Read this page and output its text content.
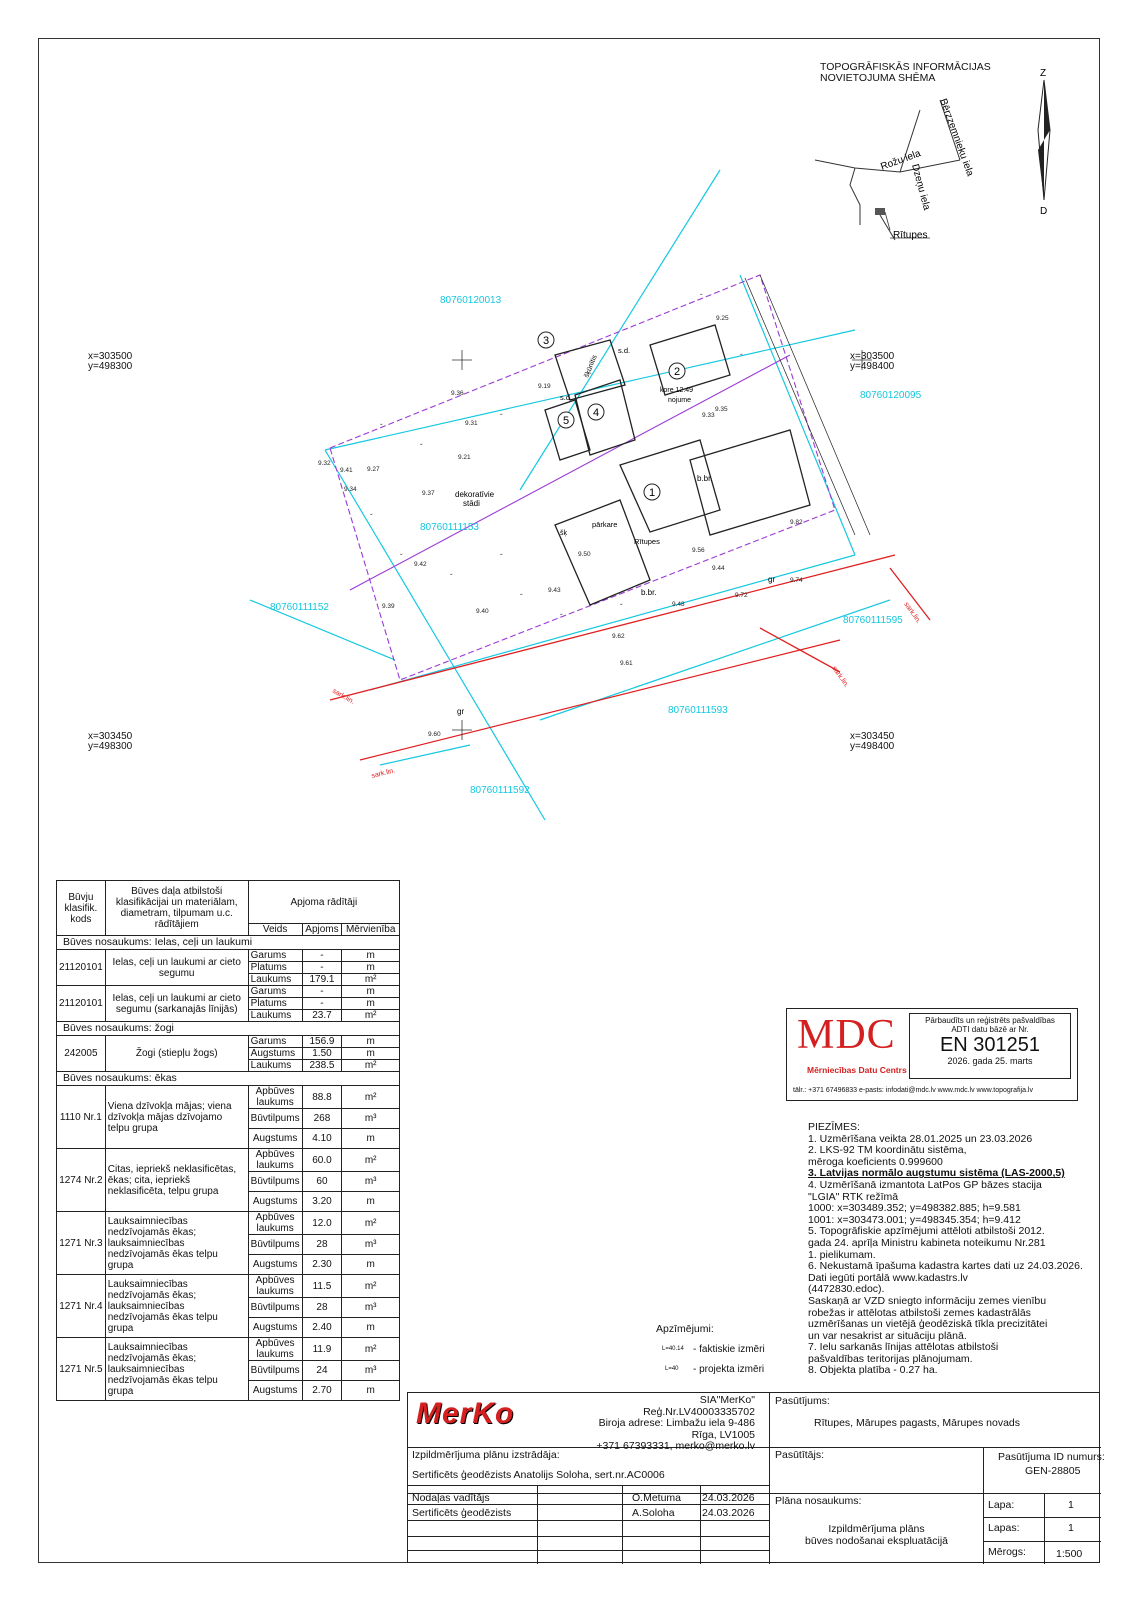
1
2
3
4
5
80760111153
dekoratīvie
stādi
pārkare
Rītupes
b.br.
b.br.
gr
gr
s.d.
s.d.
kore 12.49
nojume
šķūnītis
šķ
sark.lin.
sark.lin.
sark.lin.
sark.lin.
9.25
9.35
9.31
9.37
9.42
9.40
9.43
9.61
9.62
9.48
9.50
9.41
9.34
9.32
9.39
9.60
9.72
9.74
9.27
9.36
9.33
9.21
9.19
9.56
9.44
9.82
ˇ
ˇ
ˇ
ˇ
ˇ
ˇ
ˇ
ˇ
ˇ
ˇ
ˇ
ˇ
Z
D
Bērzzemnieku iela
Rožu iela
Dzeņu iela
Rītupes
TOPOGRĀFISKĀS INFORMĀCIJAS
NOVIETOJUMA SHĒMA
x=303500
y=498300
x=303500
y=498400
x=303450
y=498300
x=303450
y=498400
80760120013
80760120095
80760111152
80760111595
80760111593
80760111592
Būvju klasifik. kods	Būves daļa atbilstoši klasifikācijai un materiālam, diametram, tilpumam u.c. rādītājiem	Apjoma rādītāji		
		Veids	Apjoms	Mērvienība
Būves nosaukums: Ielas, ceļi un laukumi				
21120101	Ielas, ceļi un laukumi ar cieto segumu	Garums	-	m
		Platums	-	m
		Laukums	179.1	m²
21120101	Ielas, ceļi un laukumi ar cieto segumu (sarkanajās līnijās)	Garums	-	m
		Platums	-	m
		Laukums	23.7	m²
Būves nosaukums: žogi				
242005	Žogi (stiepļu žogs)	Garums	156.9	m
		Augstums	1.50	m
		Laukums	238.5	m²
Būves nosaukums: ēkas				
1110 Nr.1	Viena dzīvokļa mājas; viena dzīvokļa mājas dzīvojamo telpu grupa	Apbūves laukums	88.8	m²
		Būvtilpums	268	m³
		Augstums	4.10	m
1274 Nr.2	Citas, iepriekš neklasificētas, ēkas; cita, iepriekš neklasificēta, telpu grupa	Apbūves laukums	60.0	m²
		Būvtilpums	60	m³
		Augstums	3.20	m
1271 Nr.3	Lauksaimniecības nedzīvojamās ēkas; lauksaimniecības nedzīvojamās ēkas telpu grupa	Apbūves laukums	12.0	m²
		Būvtilpums	28	m³
		Augstums	2.30	m
1271 Nr.4	Lauksaimniecības nedzīvojamās ēkas; lauksaimniecības nedzīvojamās ēkas telpu grupa	Apbūves laukums	11.5	m²
		Būvtilpums	28	m³
		Augstums	2.40	m
1271 Nr.5	Lauksaimniecības nedzīvojamās ēkas; lauksaimniecības nedzīvojamās ēkas telpu grupa	Apbūves laukums	11.9	m²
		Būvtilpums	24	m³
		Augstums	2.70	m
MDC
Mērniecības Datu Centrs
Pārbaudīts un reģistrēts pašvaldības
ADTI datu bāzē ar Nr.
EN 301251
2026. gada 25. marts
tālr.: +371 67496833 e-pasts: infodati@mdc.lv www.mdc.lv www.topografija.lv
PIEZĪMES:
1. Uzmērīšana veikta 28.01.2025 un 23.03.2026
2. LKS-92 TM koordinātu sistēma,
mēroga koeficients 0.999600
3. Latvijas normālo augstumu sistēma (LAS-2000,5)
4. Uzmērīšanā izmantota LatPos GP bāzes stacija
"LGIA" RTK režīmā
1000: x=303489.352; y=498382.885; h=9.581
1001: x=303473.001; y=498345.354; h=9.412
5. Topogrāfiskie apzīmējumi attēloti atbilstoši 2012.
gada 24. aprīļa Ministru kabineta noteikumu Nr.281
1. pielikumam.
6. Nekustamā īpašuma kadastra kartes dati uz 24.03.2026.
Dati iegūti portālā www.kadastrs.lv
(4472830.edoc).
Saskaņā ar VZD sniegto informāciju zemes vienību
robežas ir attēlotas atbilstoši zemes kadastrālās
uzmērīšanas un vietējā ģeodēziskā tīkla precizitātei
un var nesakrist ar situāciju plānā.
7. Ielu sarkanās līnijas attēlotas atbilstoši
pašvaldības teritorijas plānojumam.
8. Objekta platība - 0.27 ha.
Apzīmējumi:
L=40.14 - faktiskie izmēri
L=40 - projekta izmēri
MerKo	SIA"MerKo"
Reģ.Nr.LV40003335702
Biroja adrese: Limbažu iela 9-486
Rīga, LV1005
+371 67393331, merko@merko.lv
Pasūtījums:
Rītupes, Mārupes pagasts, Mārupes novads
Izpildmērījuma plānu izstrādāja:
Sertificēts ģeodēzists Anatolijs Soloha, sert.nr.AC0006
Pasūtītājs:	Pasūtījuma ID numurs:
GEN-28805
Nodaļas vadītājs	O.Metuma 24.03.2026
Sertificēts ģeodēzists	A.Soloha	24.03.2026
Plāna nosaukums:
Izpildmērījuma plāns
būves nodošanai ekspluatācijā
Lapa:	1
Lapas:	1
Mērogs:	1:500
